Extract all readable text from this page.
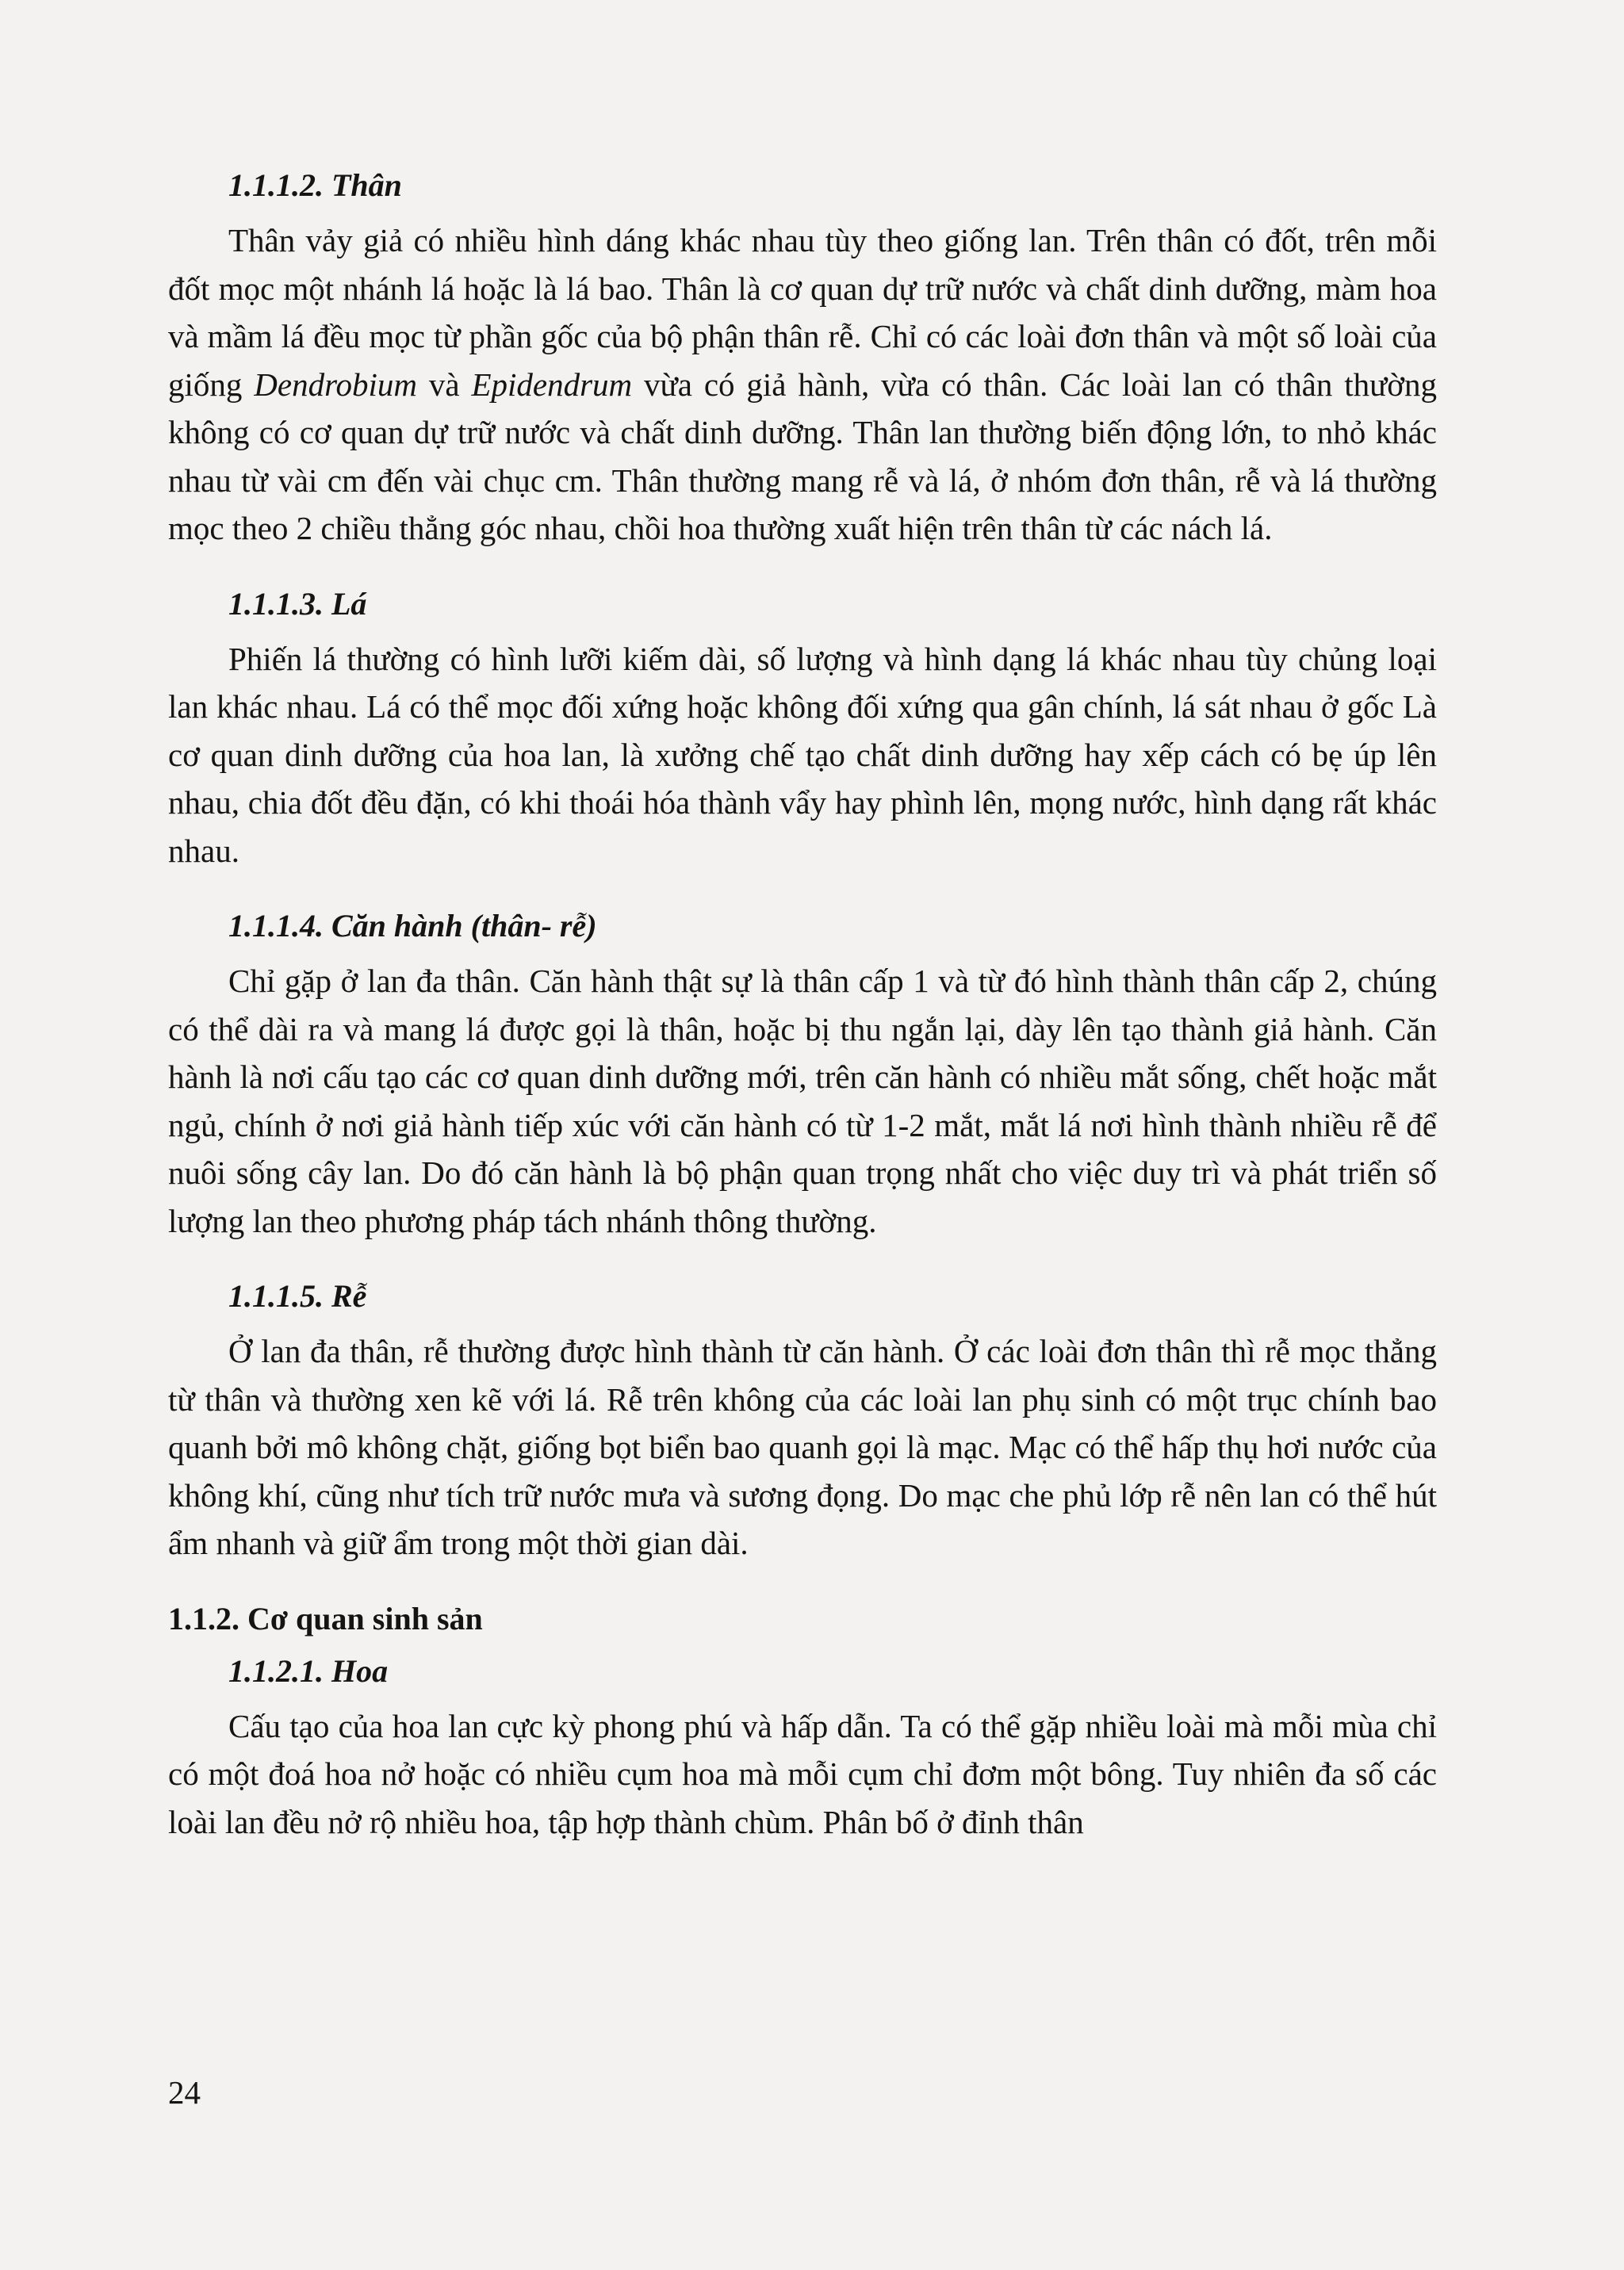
1.1.1.2. Thân

Thân vảy giả có nhiều hình dáng khác nhau tùy theo giống lan. Trên thân có đốt, trên mỗi đốt mọc một nhánh lá hoặc là lá bao. Thân là cơ quan dự trữ nước và chất dinh dưỡng, màm hoa và mầm lá đều mọc từ phần gốc của bộ phận thân rễ. Chỉ có các loài đơn thân và một số loài của giống Dendrobium và Epidendrum vừa có giả hành, vừa có thân. Các loài lan có thân thường không có cơ quan dự trữ nước và chất dinh dưỡng. Thân lan thường biến động lớn, to nhỏ khác nhau từ vài cm đến vài chục cm. Thân thường mang rễ và lá, ở nhóm đơn thân, rễ và lá thường mọc theo 2 chiều thẳng góc nhau, chồi hoa thường xuất hiện trên thân từ các nách lá.

1.1.1.3. Lá

Phiến lá thường có hình lưỡi kiếm dài, số lượng và hình dạng lá khác nhau tùy chủng loại lan khác nhau. Lá có thể mọc đối xứng hoặc không đối xứng qua gân chính, lá sát nhau ở gốc Là cơ quan dinh dưỡng của hoa lan, là xưởng chế tạo chất dinh dưỡng hay xếp cách có bẹ úp lên nhau, chia đốt đều đặn, có khi thoái hóa thành vẩy hay phình lên, mọng nước, hình dạng rất khác nhau.

1.1.1.4. Căn hành (thân- rễ)

Chỉ gặp ở lan đa thân. Căn hành thật sự là thân cấp 1 và từ đó hình thành thân cấp 2, chúng có thể dài ra và mang lá được gọi là thân, hoặc bị thu ngắn lại, dày lên tạo thành giả hành. Căn hành là nơi cấu tạo các cơ quan dinh dưỡng mới, trên căn hành có nhiều mắt sống, chết hoặc mắt ngủ, chính ở nơi giả hành tiếp xúc với căn hành có từ 1-2 mắt, mắt lá nơi hình thành nhiều rễ để nuôi sống cây lan. Do đó căn hành là bộ phận quan trọng nhất cho việc duy trì và phát triển số lượng lan theo phương pháp tách nhánh thông thường.

1.1.1.5. Rễ

Ở lan đa thân, rễ thường được hình thành từ căn hành. Ở các loài đơn thân thì rễ mọc thẳng từ thân và thường xen kẽ với lá. Rễ trên không của các loài lan phụ sinh có một trục chính bao quanh bởi mô không chặt, giống bọt biển bao quanh gọi là mạc. Mạc có thể hấp thụ hơi nước của không khí, cũng như tích trữ nước mưa và sương đọng. Do mạc che phủ lớp rễ nên lan có thể hút ẩm nhanh và giữ ẩm trong một thời gian dài.

1.1.2. Cơ quan sinh sản
1.1.2.1. Hoa

Cấu tạo của hoa lan cực kỳ phong phú và hấp dẫn. Ta có thể gặp nhiều loài mà mỗi mùa chỉ có một đoá hoa nở hoặc có nhiều cụm hoa mà mỗi cụm chỉ đơm một bông. Tuy nhiên đa số các loài lan đều nở rộ nhiều hoa, tập hợp thành chùm. Phân bố ở đỉnh thân

24
